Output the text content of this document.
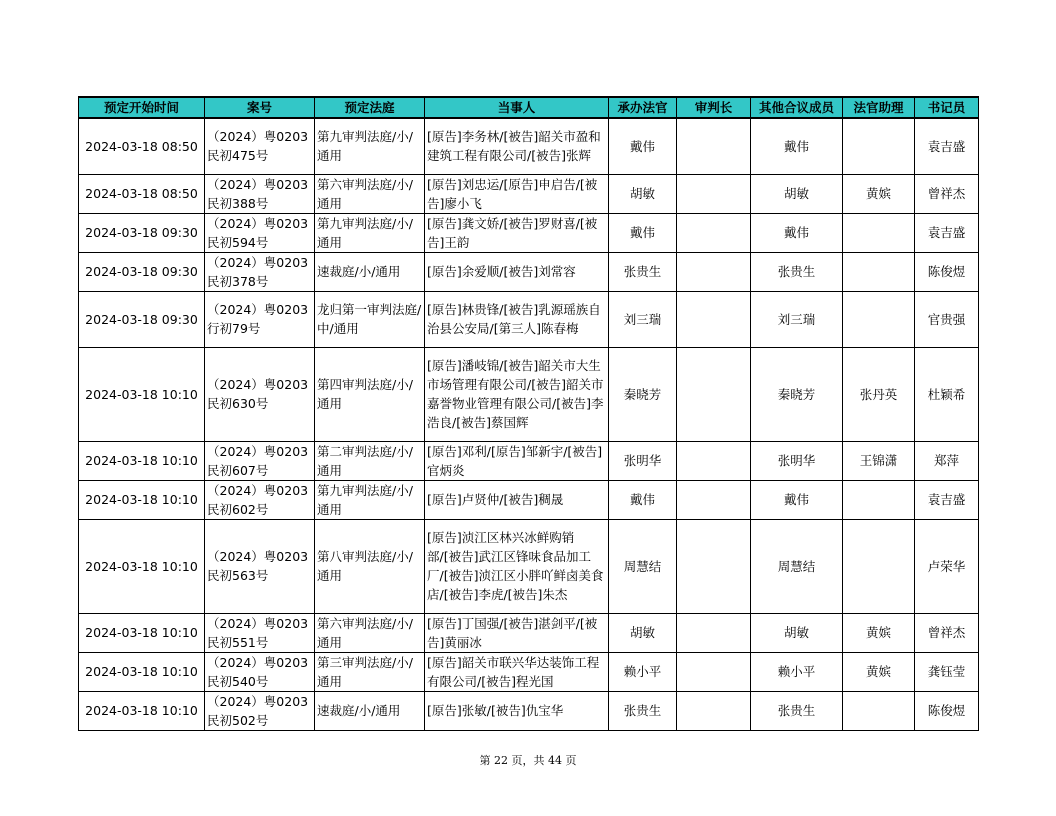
预定开始时间	案号	预定法庭	当事人	承办法官	审判长	其他合议成员	法官助理	书记员
2024-03-18 08:50	（2024）粤0203民初475号	第九审判法庭/小/通用	[原告]李务林/[被告]韶关市盈和建筑工程有限公司/[被告]张辉	戴伟		戴伟		袁吉盛
2024-03-18 08:50	（2024）粤0203民初388号	第六审判法庭/小/通用	[原告]刘忠运/[原告]申启告/[被告]廖小飞	胡敏		胡敏	黄嫔	曾祥杰
2024-03-18 09:30	（2024）粤0203民初594号	第九审判法庭/小/通用	[原告]龚文娇/[被告]罗财喜/[被告]王韵	戴伟		戴伟		袁吉盛
2024-03-18 09:30	（2024）粤0203民初378号	速裁庭/小/通用	[原告]余爱顺/[被告]刘常容	张贵生		张贵生		陈俊煜
2024-03-18 09:30	（2024）粤0203行初79号	龙归第一审判法庭/中/通用	[原告]林贵锋/[被告]乳源瑶族自治县公安局/[第三人]陈春梅	刘三瑞		刘三瑞		官贵强
2024-03-18 10:10	（2024）粤0203民初630号	第四审判法庭/小/通用	[原告]潘岐锦/[被告]韶关市大生市场管理有限公司/[被告]韶关市嘉誉物业管理有限公司/[被告]李浩良/[被告]蔡国辉	秦晓芳		秦晓芳	张丹英	杜颖希
2024-03-18 10:10	（2024）粤0203民初607号	第二审判法庭/小/通用	[原告]邓利/[原告]邹新宇/[被告]官炳炎	张明华		张明华	王锦潇	郑萍
2024-03-18 10:10	（2024）粤0203民初602号	第九审判法庭/小/通用	[原告]卢贤仲/[被告]稠晟	戴伟		戴伟		袁吉盛
2024-03-18 10:10	（2024）粤0203民初563号	第八审判法庭/小/通用	[原告]浈江区林兴冰鲜购销部/[被告]武江区锋味食品加工厂/[被告]浈江区小胖吖鲜卤美食店/[被告]李虎/[被告]朱杰	周慧结		周慧结		卢荣华
2024-03-18 10:10	（2024）粤0203民初551号	第六审判法庭/小/通用	[原告]丁国强/[被告]湛剑平/[被告]黄丽冰	胡敏		胡敏	黄嫔	曾祥杰
2024-03-18 10:10	（2024）粤0203民初540号	第三审判法庭/小/通用	[原告]韶关市联兴华达装饰工程有限公司/[被告]程光国	赖小平		赖小平	黄嫔	龚钰莹
2024-03-18 10:10	（2024）粤0203民初502号	速裁庭/小/通用	[原告]张敏/[被告]仇宝华	张贵生		张贵生		陈俊煜
第 22 页，共 44 页
